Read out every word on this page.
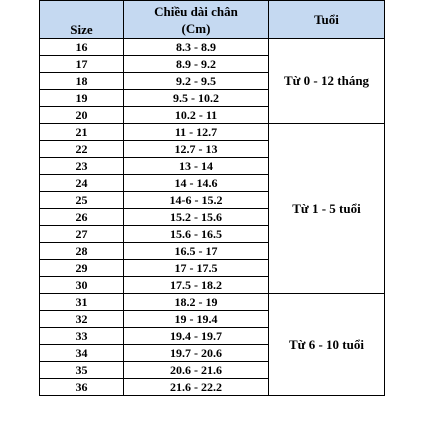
Size	Chiều dài chân
(Cm)	Tuổi
16	8.3 - 8.9	Từ 0 - 12 tháng
17	8.9 - 9.2	
18	9.2 - 9.5	
19	9.5 - 10.2	
20	10.2 - 11	
21	11 - 12.7	Từ 1 - 5 tuổi
22	12.7 - 13	
23	13 - 14	
24	14 - 14.6	
25	14-6 - 15.2	
26	15.2 - 15.6	
27	15.6 - 16.5	
28	16.5 - 17	
29	17 - 17.5	
30	17.5 - 18.2	
31	18.2 - 19	Từ 6 - 10 tuổi
32	19 - 19.4	
33	19.4 - 19.7	
34	19.7 - 20.6	
35	20.6 - 21.6	
36	21.6 - 22.2	
